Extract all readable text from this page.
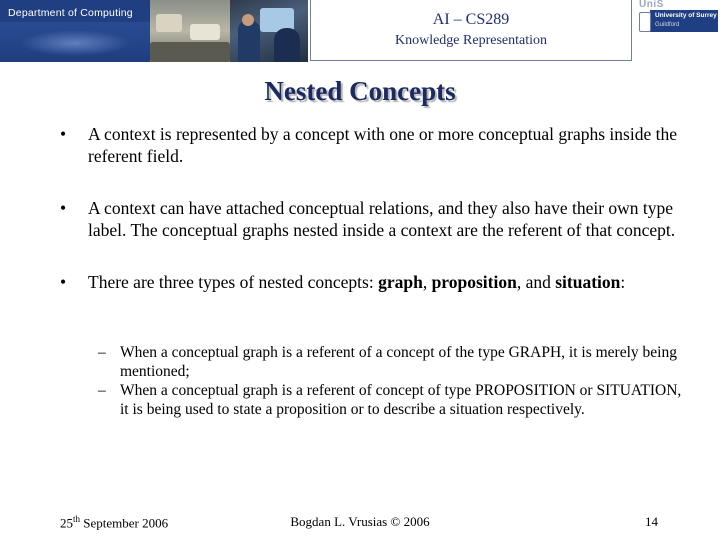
Department of Computing	AI – CS289
Knowledge Representation
UniS
University of Surrey
Guildford
Nested Concepts
• A context is represented by a concept with one or more conceptual graphs inside the referent field.
• A context can have attached conceptual relations, and they also have their own type label. The conceptual graphs nested inside a context are the referent of that concept.
• There are three types of nested concepts: graph, proposition, and situation:
– When a conceptual graph is a referent of a concept of the type GRAPH, it is merely being mentioned;
– When a conceptual graph is a referent of concept of type PROPOSITION or SITUATION, it is being used to state a proposition or to describe a situation respectively.
25th September 2006	Bogdan L. Vrusias © 2006	14
